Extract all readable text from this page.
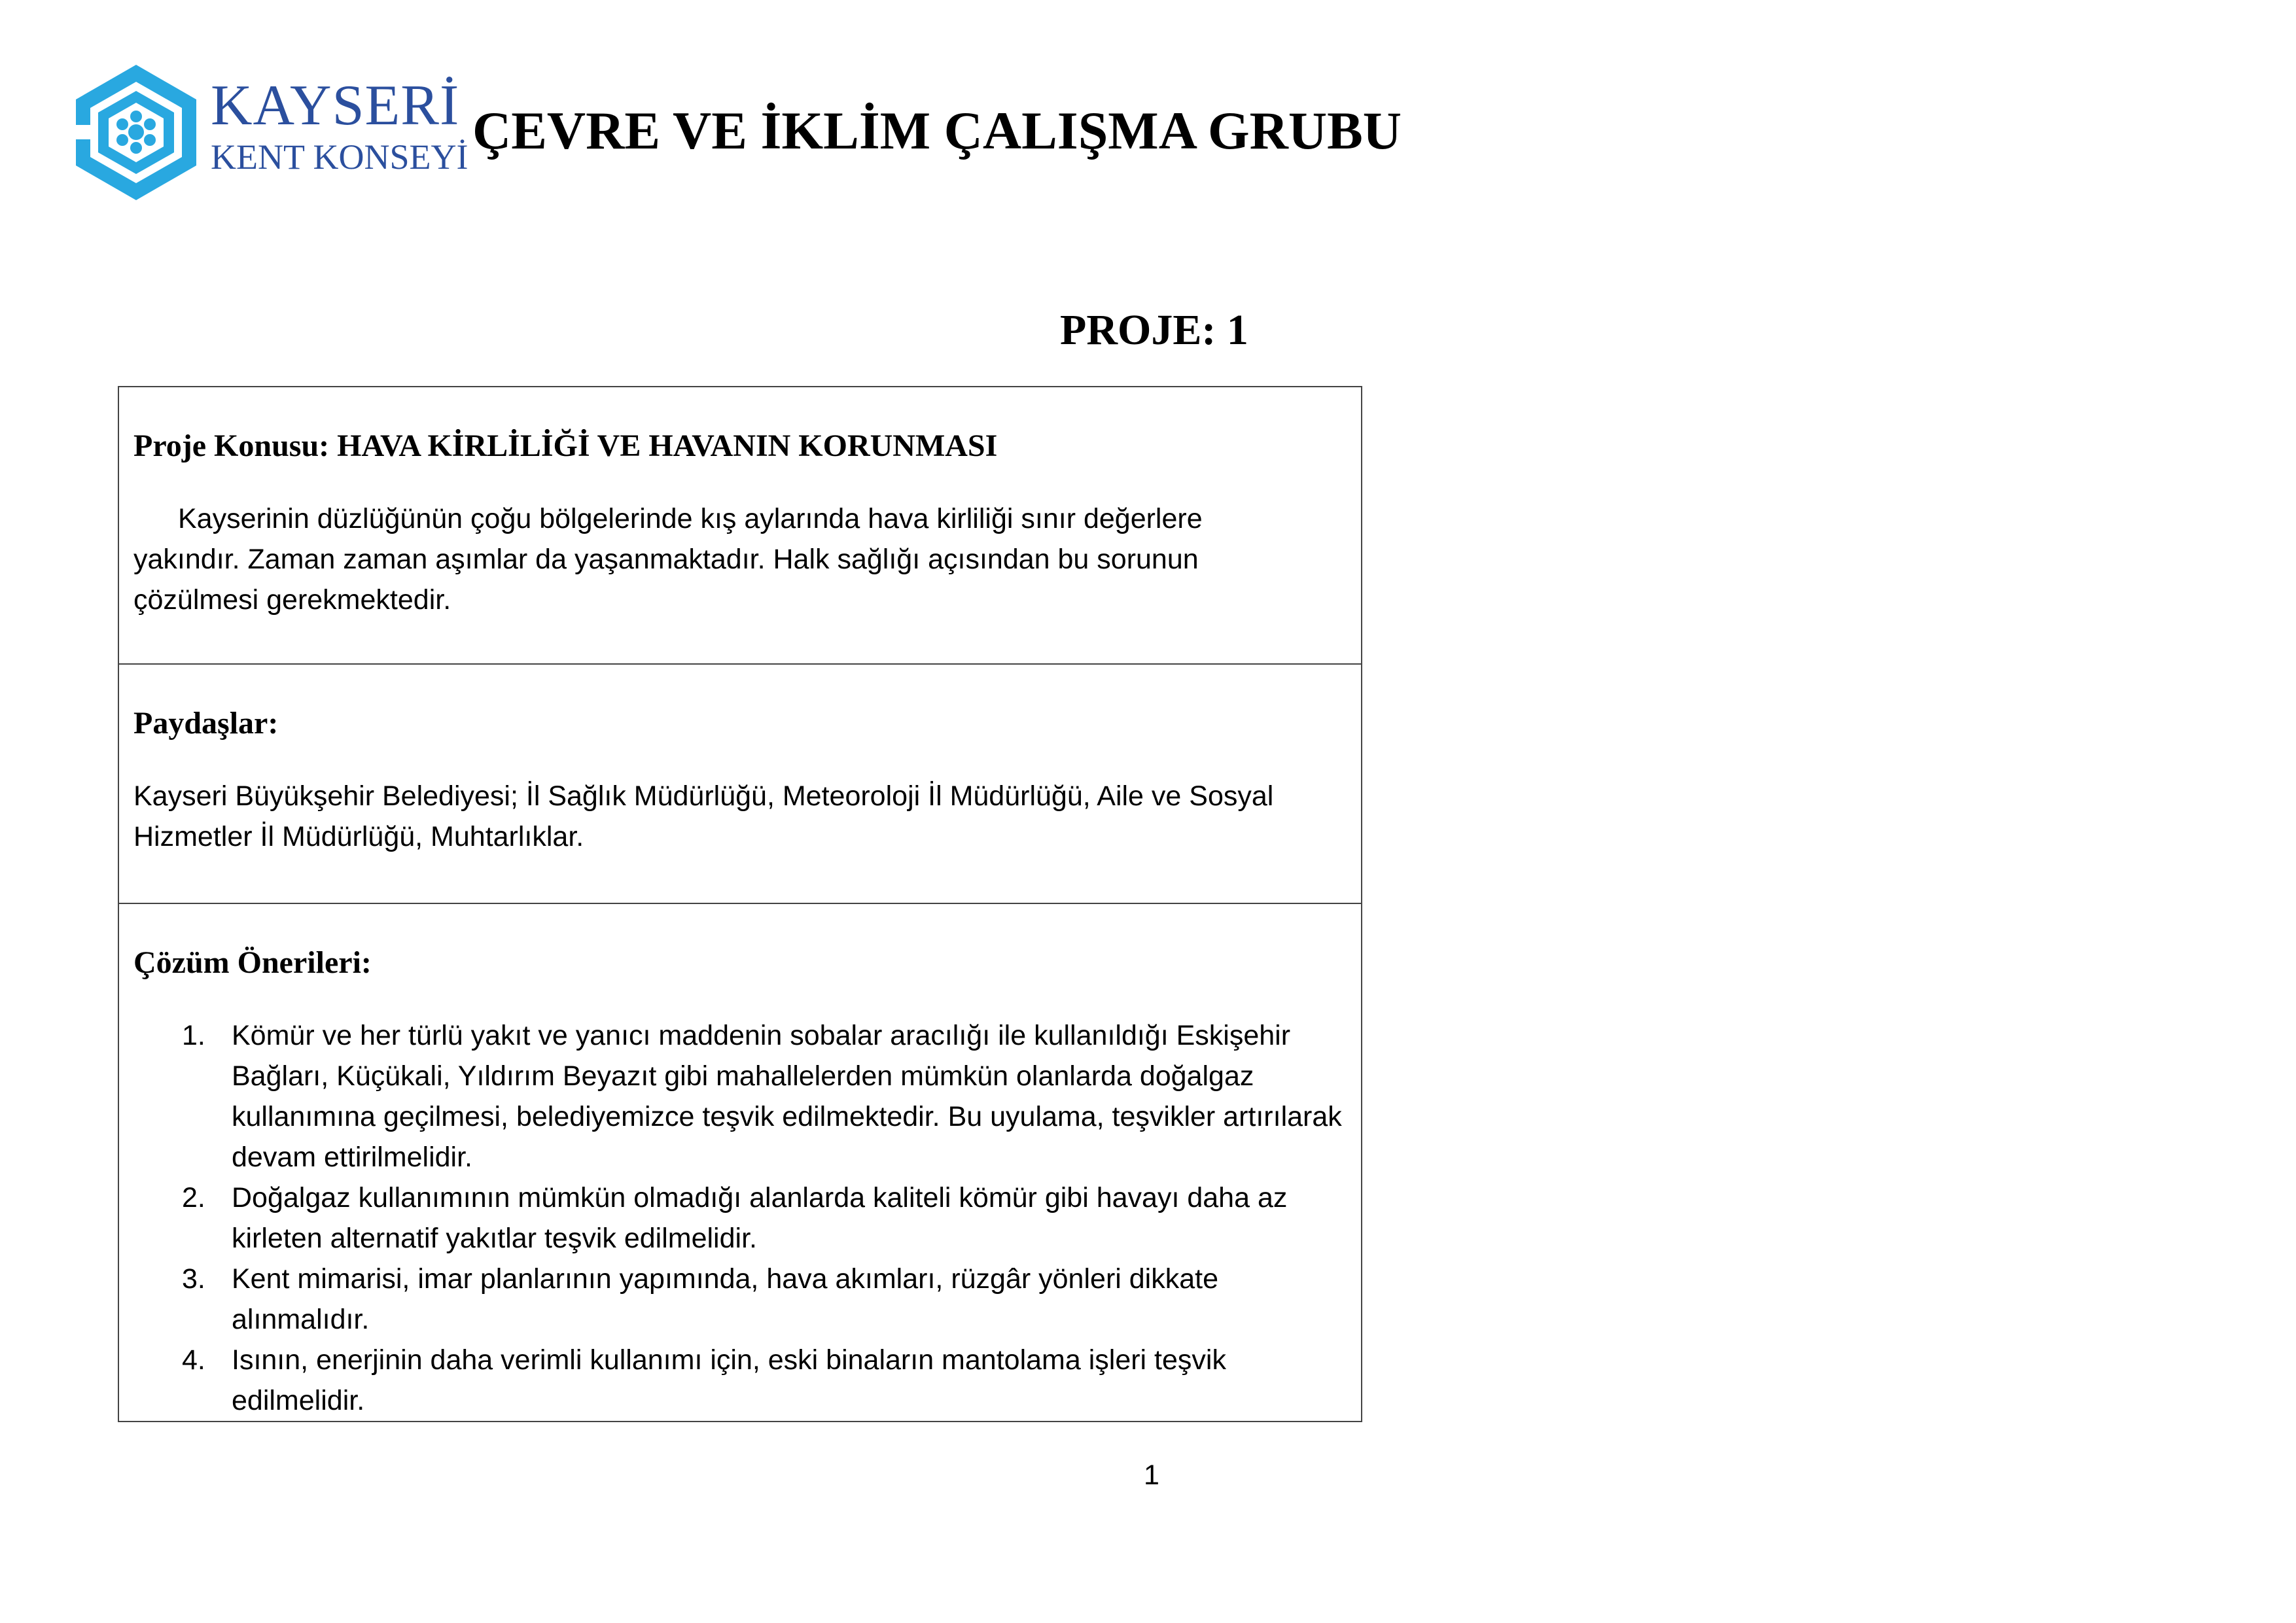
KAYSERİ
KENT KONSEYİ ÇEVRE VE İKLİM ÇALIŞMA GRUBU
PROJE: 1
Proje Konusu: HAVA KİRLİLİĞİ VE HAVANIN KORUNMASI
Kayserinin düzlüğünün çoğu bölgelerinde kış aylarında hava kirliliği sınır değerlere
yakındır. Zaman zaman aşımlar da yaşanmaktadır. Halk sağlığı açısından bu sorunun
çözülmesi gerekmektedir.
Paydaşlar:
Kayseri Büyükşehir Belediyesi; İl Sağlık Müdürlüğü, Meteoroloji İl Müdürlüğü, Aile ve Sosyal
Hizmetler İl Müdürlüğü, Muhtarlıklar.
Çözüm Önerileri:
1. Kömür ve her türlü yakıt ve yanıcı maddenin sobalar aracılığı ile kullanıldığı Eskişehir Bağları, Küçükali, Yıldırım Beyazıt gibi mahallelerden mümkün olanlarda doğalgaz kullanımına geçilmesi, belediyemizce teşvik edilmektedir. Bu uyulama, teşvikler artırılarak devam ettirilmelidir.
2. Doğalgaz kullanımının mümkün olmadığı alanlarda kaliteli kömür gibi havayı daha az kirleten alternatif yakıtlar teşvik edilmelidir.
3. Kent mimarisi, imar planlarının yapımında, hava akımları, rüzgâr yönleri dikkate alınmalıdır.
4. Isının, enerjinin daha verimli kullanımı için, eski binaların mantolama işleri teşvik edilmelidir.
1
